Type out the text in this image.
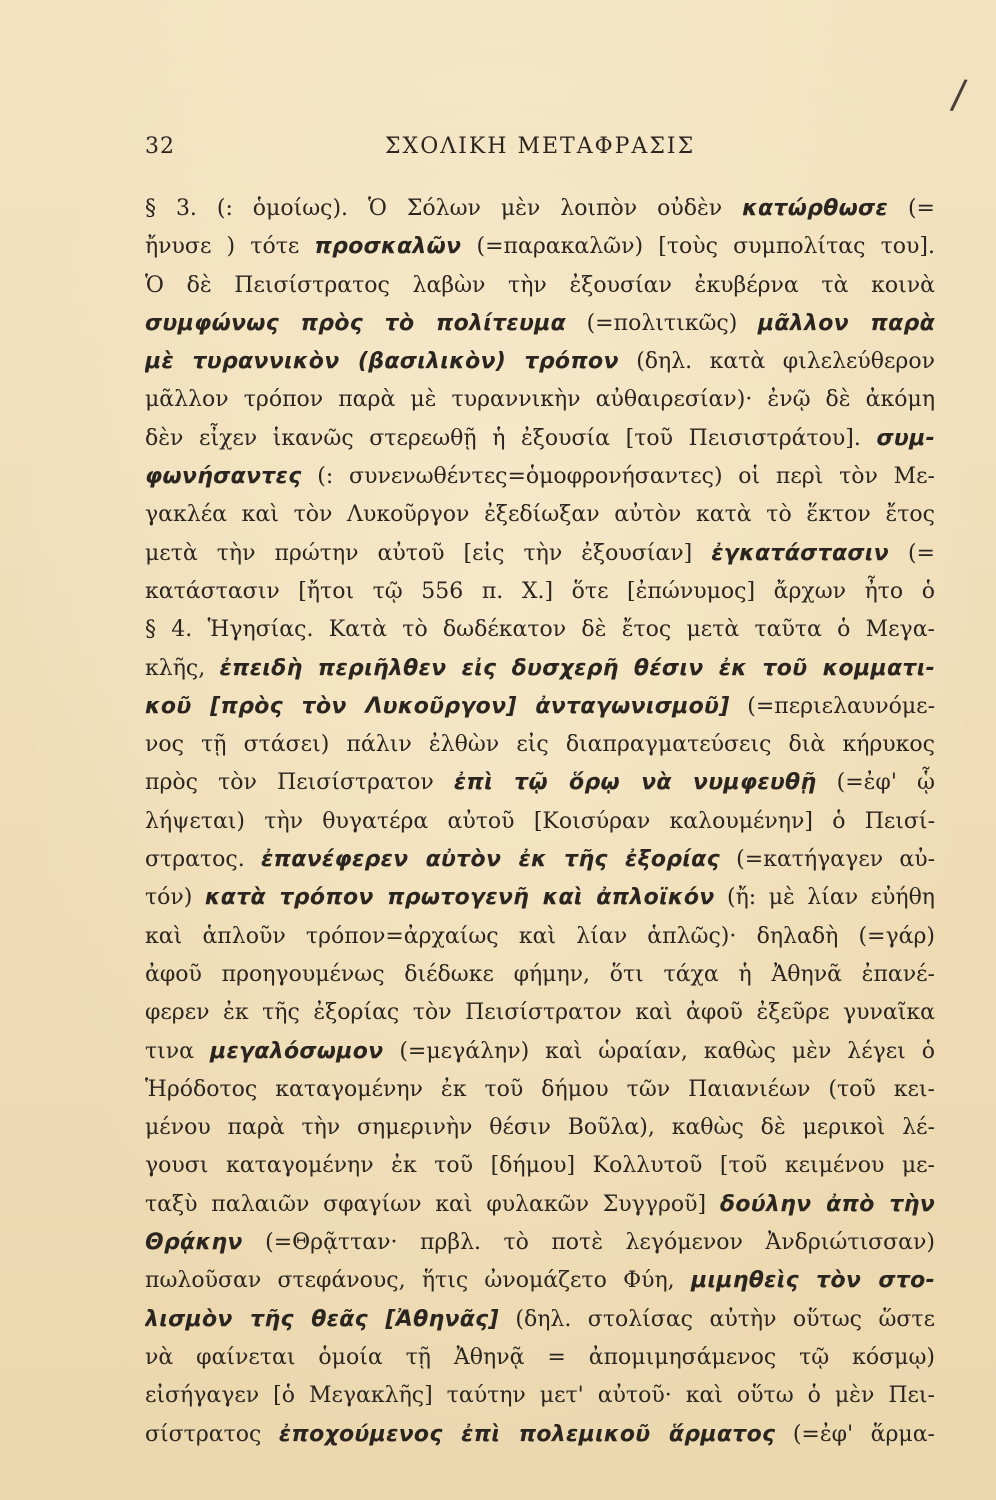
/
32	ΣΧΟΛΙΚΗ ΜΕΤΑΦΡΑΣΙΣ
§ 3. (: ὁμοίως). Ὁ Σόλων μὲν λοιπὸν οὐδὲν κατώρθωσε (=
ἤνυσε ) τότε προσκαλῶν (=παρακαλῶν) [τοὺς συμπολίτας του].
Ὁ δὲ Πεισίστρατος λαβὼν τὴν ἐξουσίαν ἐκυβέρνα τὰ κοινὰ
συμφώνως πρὸς τὸ πολίτευμα (=πολιτικῶς) μᾶλλον παρὰ
μὲ τυραννικὸν (βασιλικὸν) τρόπον (δηλ. κατὰ φιλελεύθερον
μᾶλλον τρόπον παρὰ μὲ τυραννικὴν αὐθαιρεσίαν)· ἐνῷ δὲ ἀκόμη
δὲν εἶχεν ἱκανῶς στερεωθῇ ἡ ἐξουσία [τοῦ Πεισιστράτου]. συμ-
φωνήσαντες (: συνενωθέντες=ὁμοφρονήσαντες) οἱ περὶ τὸν Με-
γακλέα καὶ τὸν Λυκοῦργον ἐξεδίωξαν αὐτὸν κατὰ τὸ ἕκτον ἔτος
μετὰ τὴν πρώτην αὐτοῦ [εἰς τὴν ἐξουσίαν] ἐγκατάστασιν (=
κατάστασιν [ἤτοι τῷ 556 π. Χ.] ὅτε [ἐπώνυμος] ἄρχων ἦτο ὁ
§ 4. Ἡγησίας. Κατὰ τὸ δωδέκατον δὲ ἔτος μετὰ ταῦτα ὁ Μεγα-
κλῆς, ἐπειδὴ περιῆλθεν εἰς δυσχερῆ θέσιν ἐκ τοῦ κομματι-
κοῦ [πρὸς τὸν Λυκοῦργον] ἀνταγωνισμοῦ] (=περιελαυνόμε-
νος τῇ στάσει) πάλιν ἐλθὼν εἰς διαπραγματεύσεις διὰ κήρυκος
πρὸς τὸν Πεισίστρατον ἐπὶ τῷ ὅρῳ νὰ νυμφευθῇ (=ἐφ' ᾧ
λήψεται) τὴν θυγατέρα αὐτοῦ [Κοισύραν καλουμένην] ὁ Πεισί-
στρατος. ἐπανέφερεν αὐτὸν ἐκ τῆς ἐξορίας (=κατήγαγεν αὐ-
τόν) κατὰ τρόπον πρωτογενῆ καὶ ἀπλοϊκόν (ἤ: μὲ λίαν εὐήθη
καὶ ἁπλοῦν τρόπον=ἀρχαίως καὶ λίαν ἁπλῶς)· δηλαδὴ (=γάρ)
ἀφοῦ προηγουμένως διέδωκε φήμην, ὅτι τάχα ἡ Ἀθηνᾶ ἐπανέ-
φερεν ἐκ τῆς ἐξορίας τὸν Πεισίστρατον καὶ ἀφοῦ ἐξεῦρε γυναῖκα
τινα μεγαλόσωμον (=μεγάλην) καὶ ὡραίαν, καθὼς μὲν λέγει ὁ
Ἡρόδοτος καταγομένην ἐκ τοῦ δήμου τῶν Παιανιέων (τοῦ κει-
μένου παρὰ τὴν σημερινὴν θέσιν Βοῦλα), καθὼς δὲ μερικοὶ λέ-
γουσι καταγομένην ἐκ τοῦ [δήμου] Κολλυτοῦ [τοῦ κειμένου με-
ταξὺ παλαιῶν σφαγίων καὶ φυλακῶν Συγγροῦ] δούλην ἀπὸ τὴν
Θρᾴκην (=Θρᾷτταν· πρβλ. τὸ ποτὲ λεγόμενον Ἀνδριώτισσαν)
πωλοῦσαν στεφάνους, ἥτις ὠνομάζετο Φύη, μιμηθεὶς τὸν στο-
λισμὸν τῆς θεᾶς [Ἀθηνᾶς] (δηλ. στολίσας αὐτὴν οὕτως ὥστε
νὰ φαίνεται ὁμοία τῇ Ἀθηνᾷ = ἀπομιμησάμενος τῷ κόσμῳ)
εἰσήγαγεν [ὁ Μεγακλῆς] ταύτην μετ' αὐτοῦ· καὶ οὕτω ὁ μὲν Πει-
σίστρατος ἐποχούμενος ἐπὶ πολεμικοῦ ἅρματος (=ἐφ' ἅρμα-
